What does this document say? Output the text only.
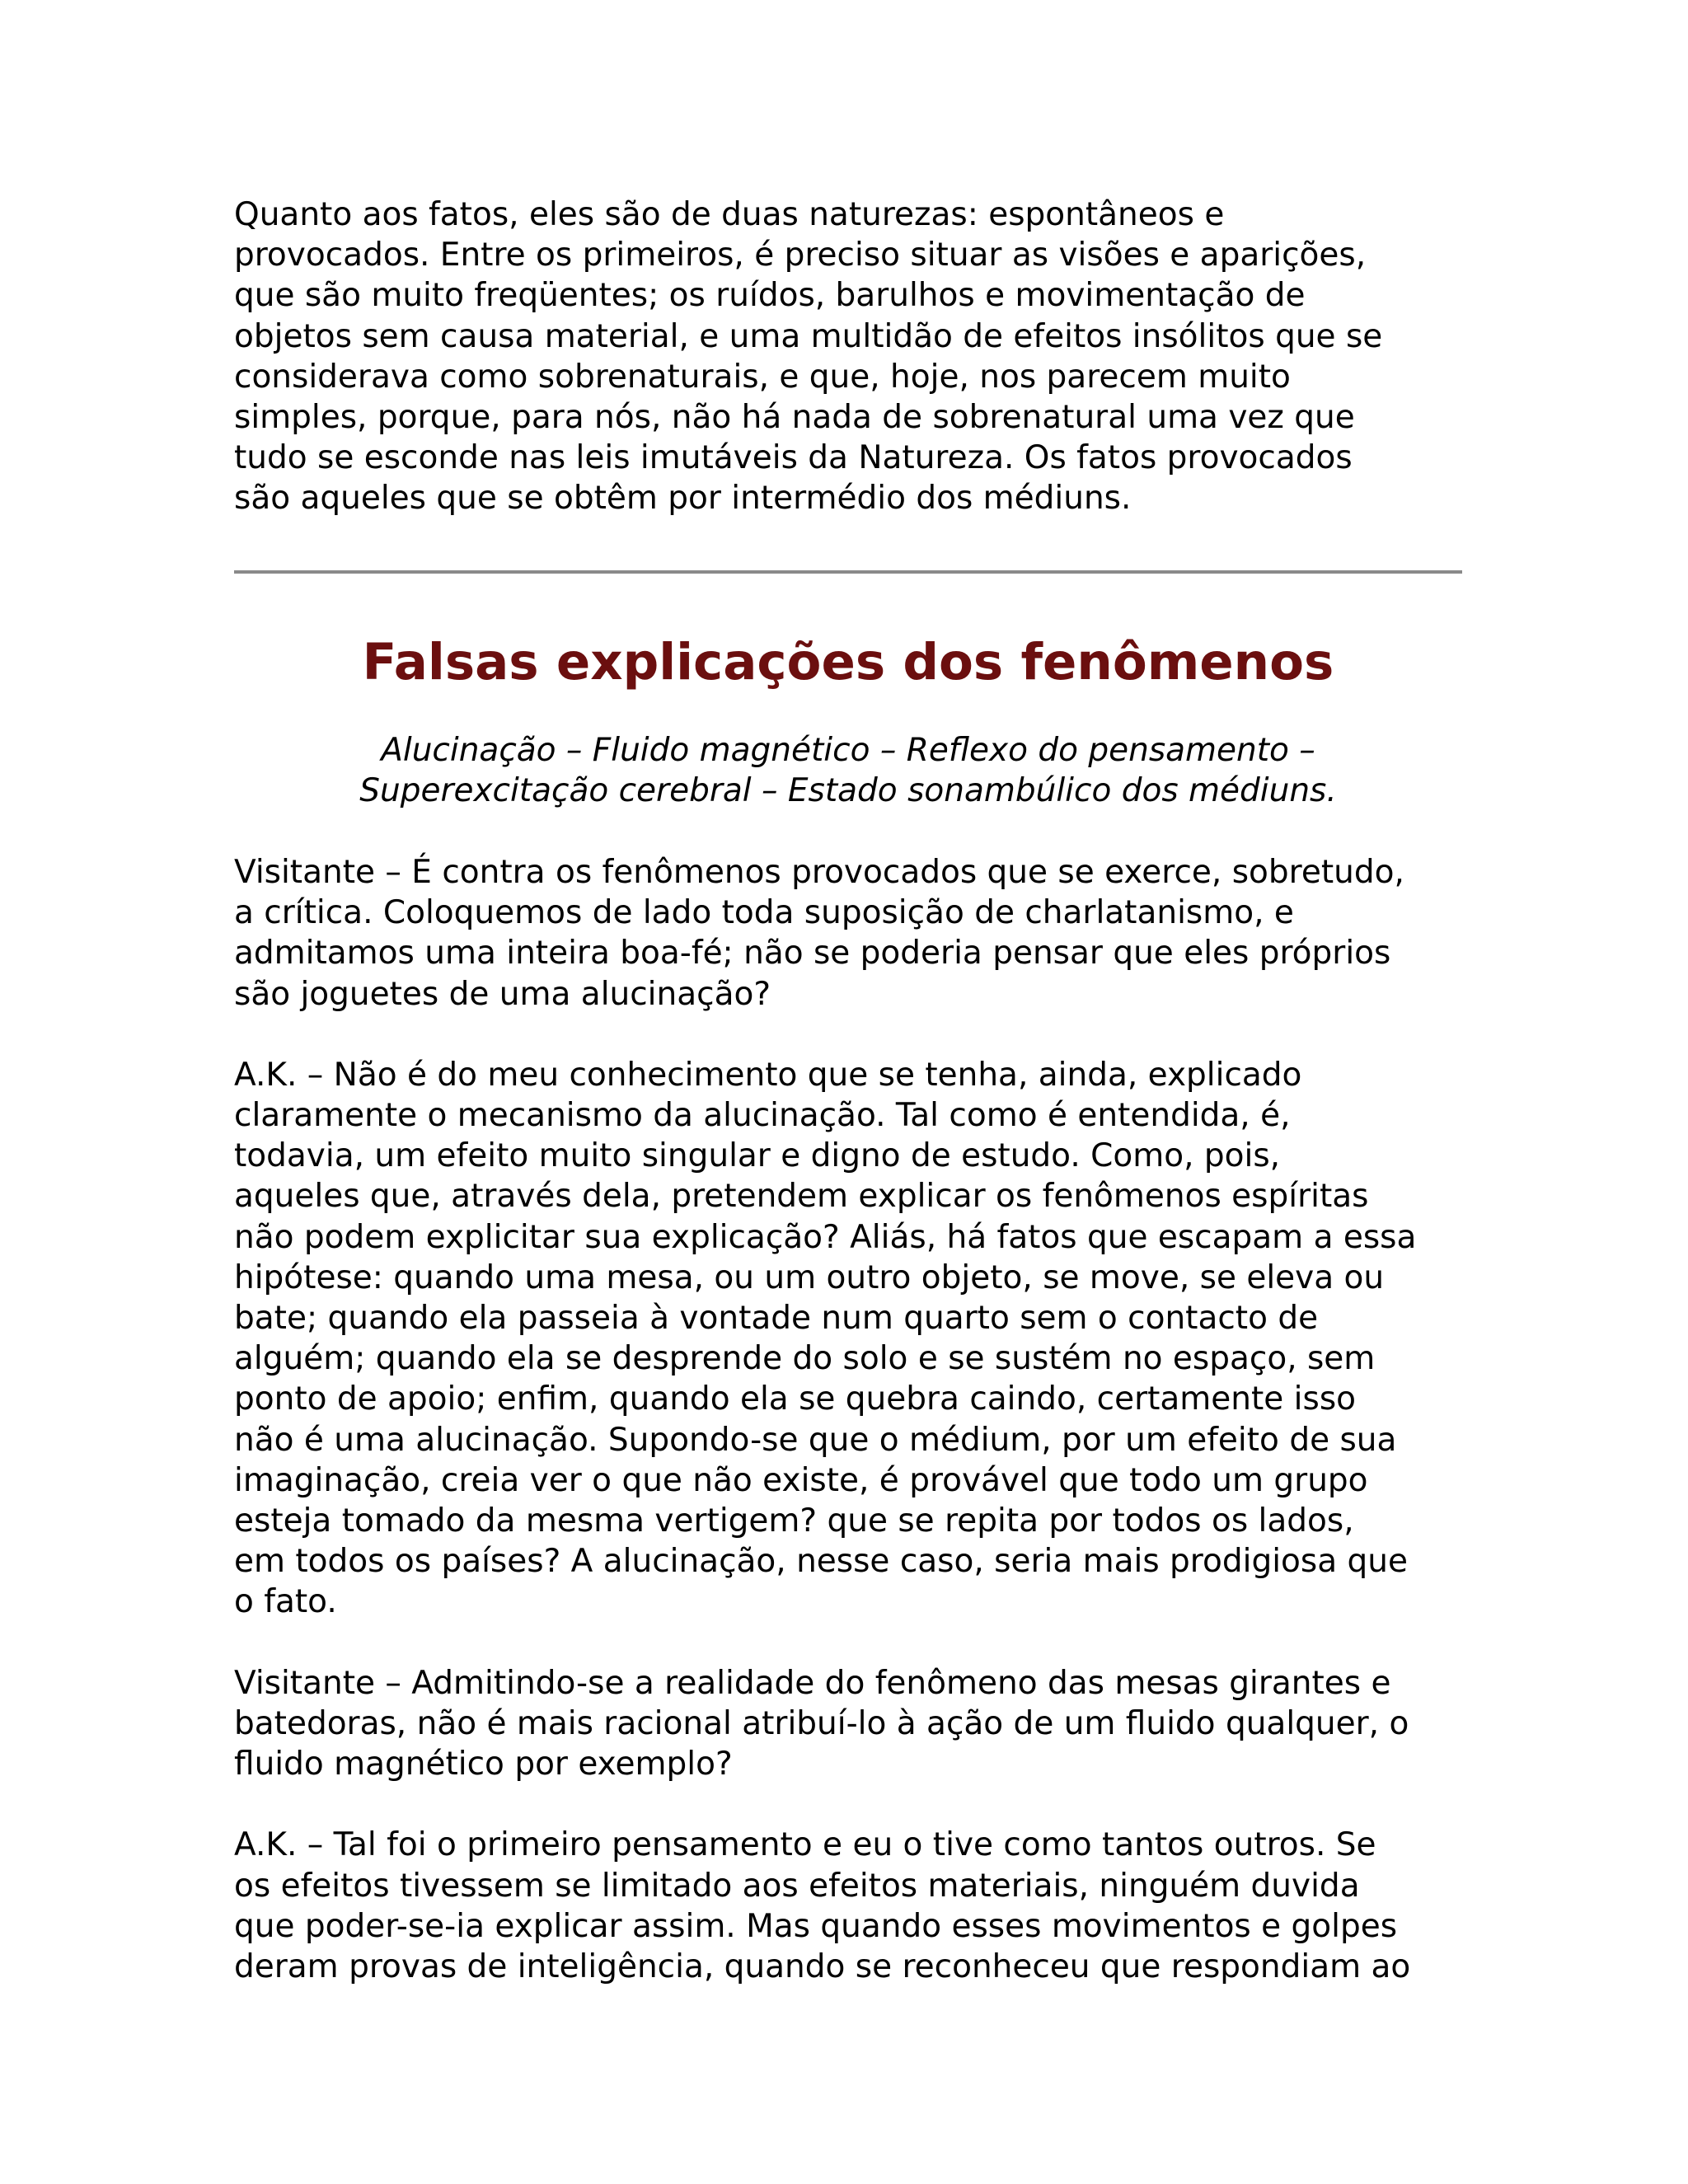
Quanto aos fatos, eles são de duas naturezas: espontâneos e
provocados. Entre os primeiros, é preciso situar as visões e aparições,
que são muito freqüentes; os ruídos, barulhos e movimentação de
objetos sem causa material, e uma multidão de efeitos insólitos que se
considerava como sobrenaturais, e que, hoje, nos parecem muito
simples, porque, para nós, não há nada de sobrenatural uma vez que
tudo se esconde nas leis imutáveis da Natureza. Os fatos provocados
são aqueles que se obtêm por intermédio dos médiuns.

Falsas explicações dos fenômenos
Alucinação – Fluido magnético – Reflexo do pensamento –
Superexcitação cerebral – Estado sonambúlico dos médiuns.

Visitante – É contra os fenômenos provocados que se exerce, sobretudo,
a crítica. Coloquemos de lado toda suposição de charlatanismo, e
admitamos uma inteira boa-fé; não se poderia pensar que eles próprios
são joguetes de uma alucinação?

A.K. – Não é do meu conhecimento que se tenha, ainda, explicado
claramente o mecanismo da alucinação. Tal como é entendida, é,
todavia, um efeito muito singular e digno de estudo. Como, pois,
aqueles que, através dela, pretendem explicar os fenômenos espíritas
não podem explicitar sua explicação? Aliás, há fatos que escapam a essa
hipótese: quando uma mesa, ou um outro objeto, se move, se eleva ou
bate; quando ela passeia à vontade num quarto sem o contacto de
alguém; quando ela se desprende do solo e se sustém no espaço, sem
ponto de apoio; enfim, quando ela se quebra caindo, certamente isso
não é uma alucinação. Supondo-se que o médium, por um efeito de sua
imaginação, creia ver o que não existe, é provável que todo um grupo
esteja tomado da mesma vertigem? que se repita por todos os lados,
em todos os países? A alucinação, nesse caso, seria mais prodigiosa que
o fato.

Visitante – Admitindo-se a realidade do fenômeno das mesas girantes e
batedoras, não é mais racional atribuí-lo à ação de um fluido qualquer, o
fluido magnético por exemplo?

A.K. – Tal foi o primeiro pensamento e eu o tive como tantos outros. Se
os efeitos tivessem se limitado aos efeitos materiais, ninguém duvida
que poder-se-ia explicar assim. Mas quando esses movimentos e golpes
deram provas de inteligência, quando se reconheceu que respondiam ao
